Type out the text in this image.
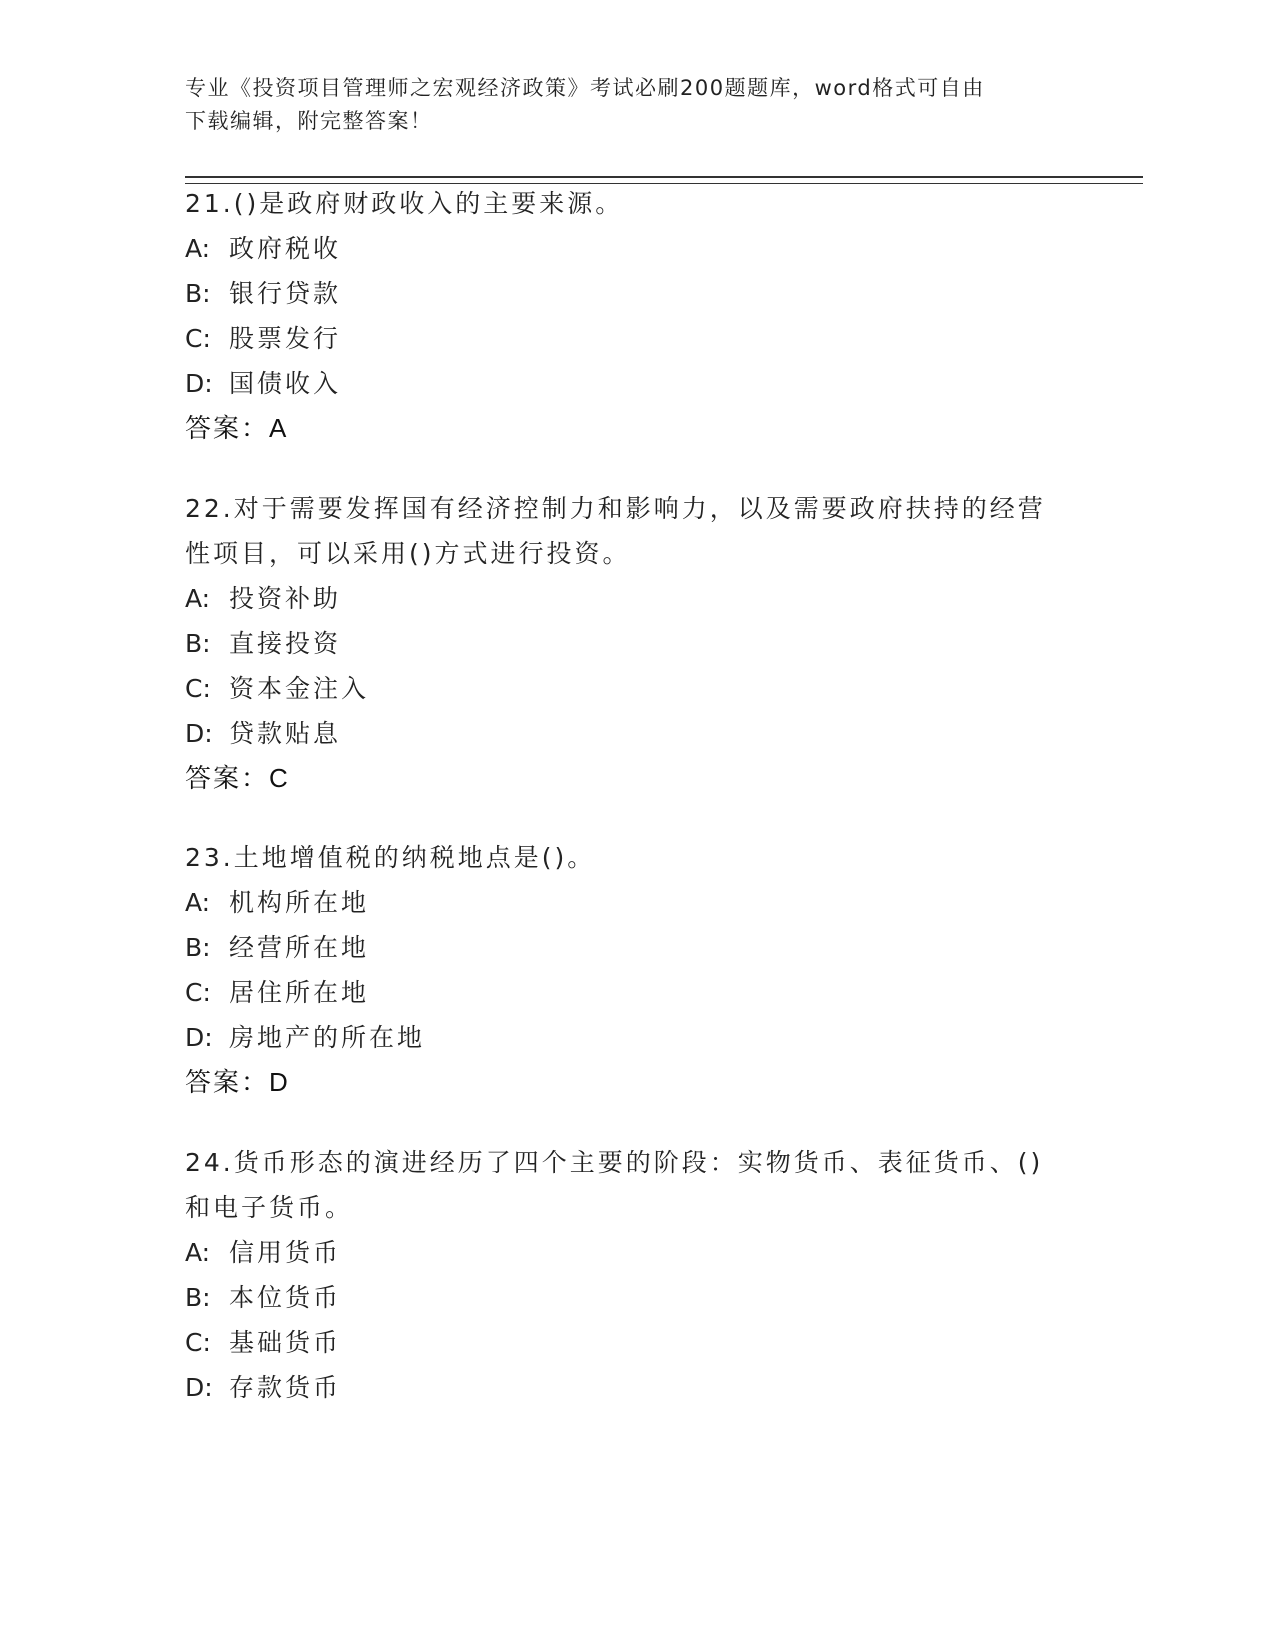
专业《投资项目管理师之宏观经济政策》考试必刷200题题库，word格式可自由
下载编辑，附完整答案！
21.()是政府财政收入的主要来源。
A: 政府税收
B: 银行贷款
C: 股票发行
D: 国债收入
答案：A
22.对于需要发挥国有经济控制力和影响力，以及需要政府扶持的经营
性项目，可以采用()方式进行投资。
A: 投资补助
B: 直接投资
C: 资本金注入
D: 贷款贴息
答案：C
23.土地增值税的纳税地点是()。
A: 机构所在地
B: 经营所在地
C: 居住所在地
D: 房地产的所在地
答案：D
24.货币形态的演进经历了四个主要的阶段：实物货币、表征货币、()
和电子货币。
A: 信用货币
B: 本位货币
C: 基础货币
D: 存款货币
